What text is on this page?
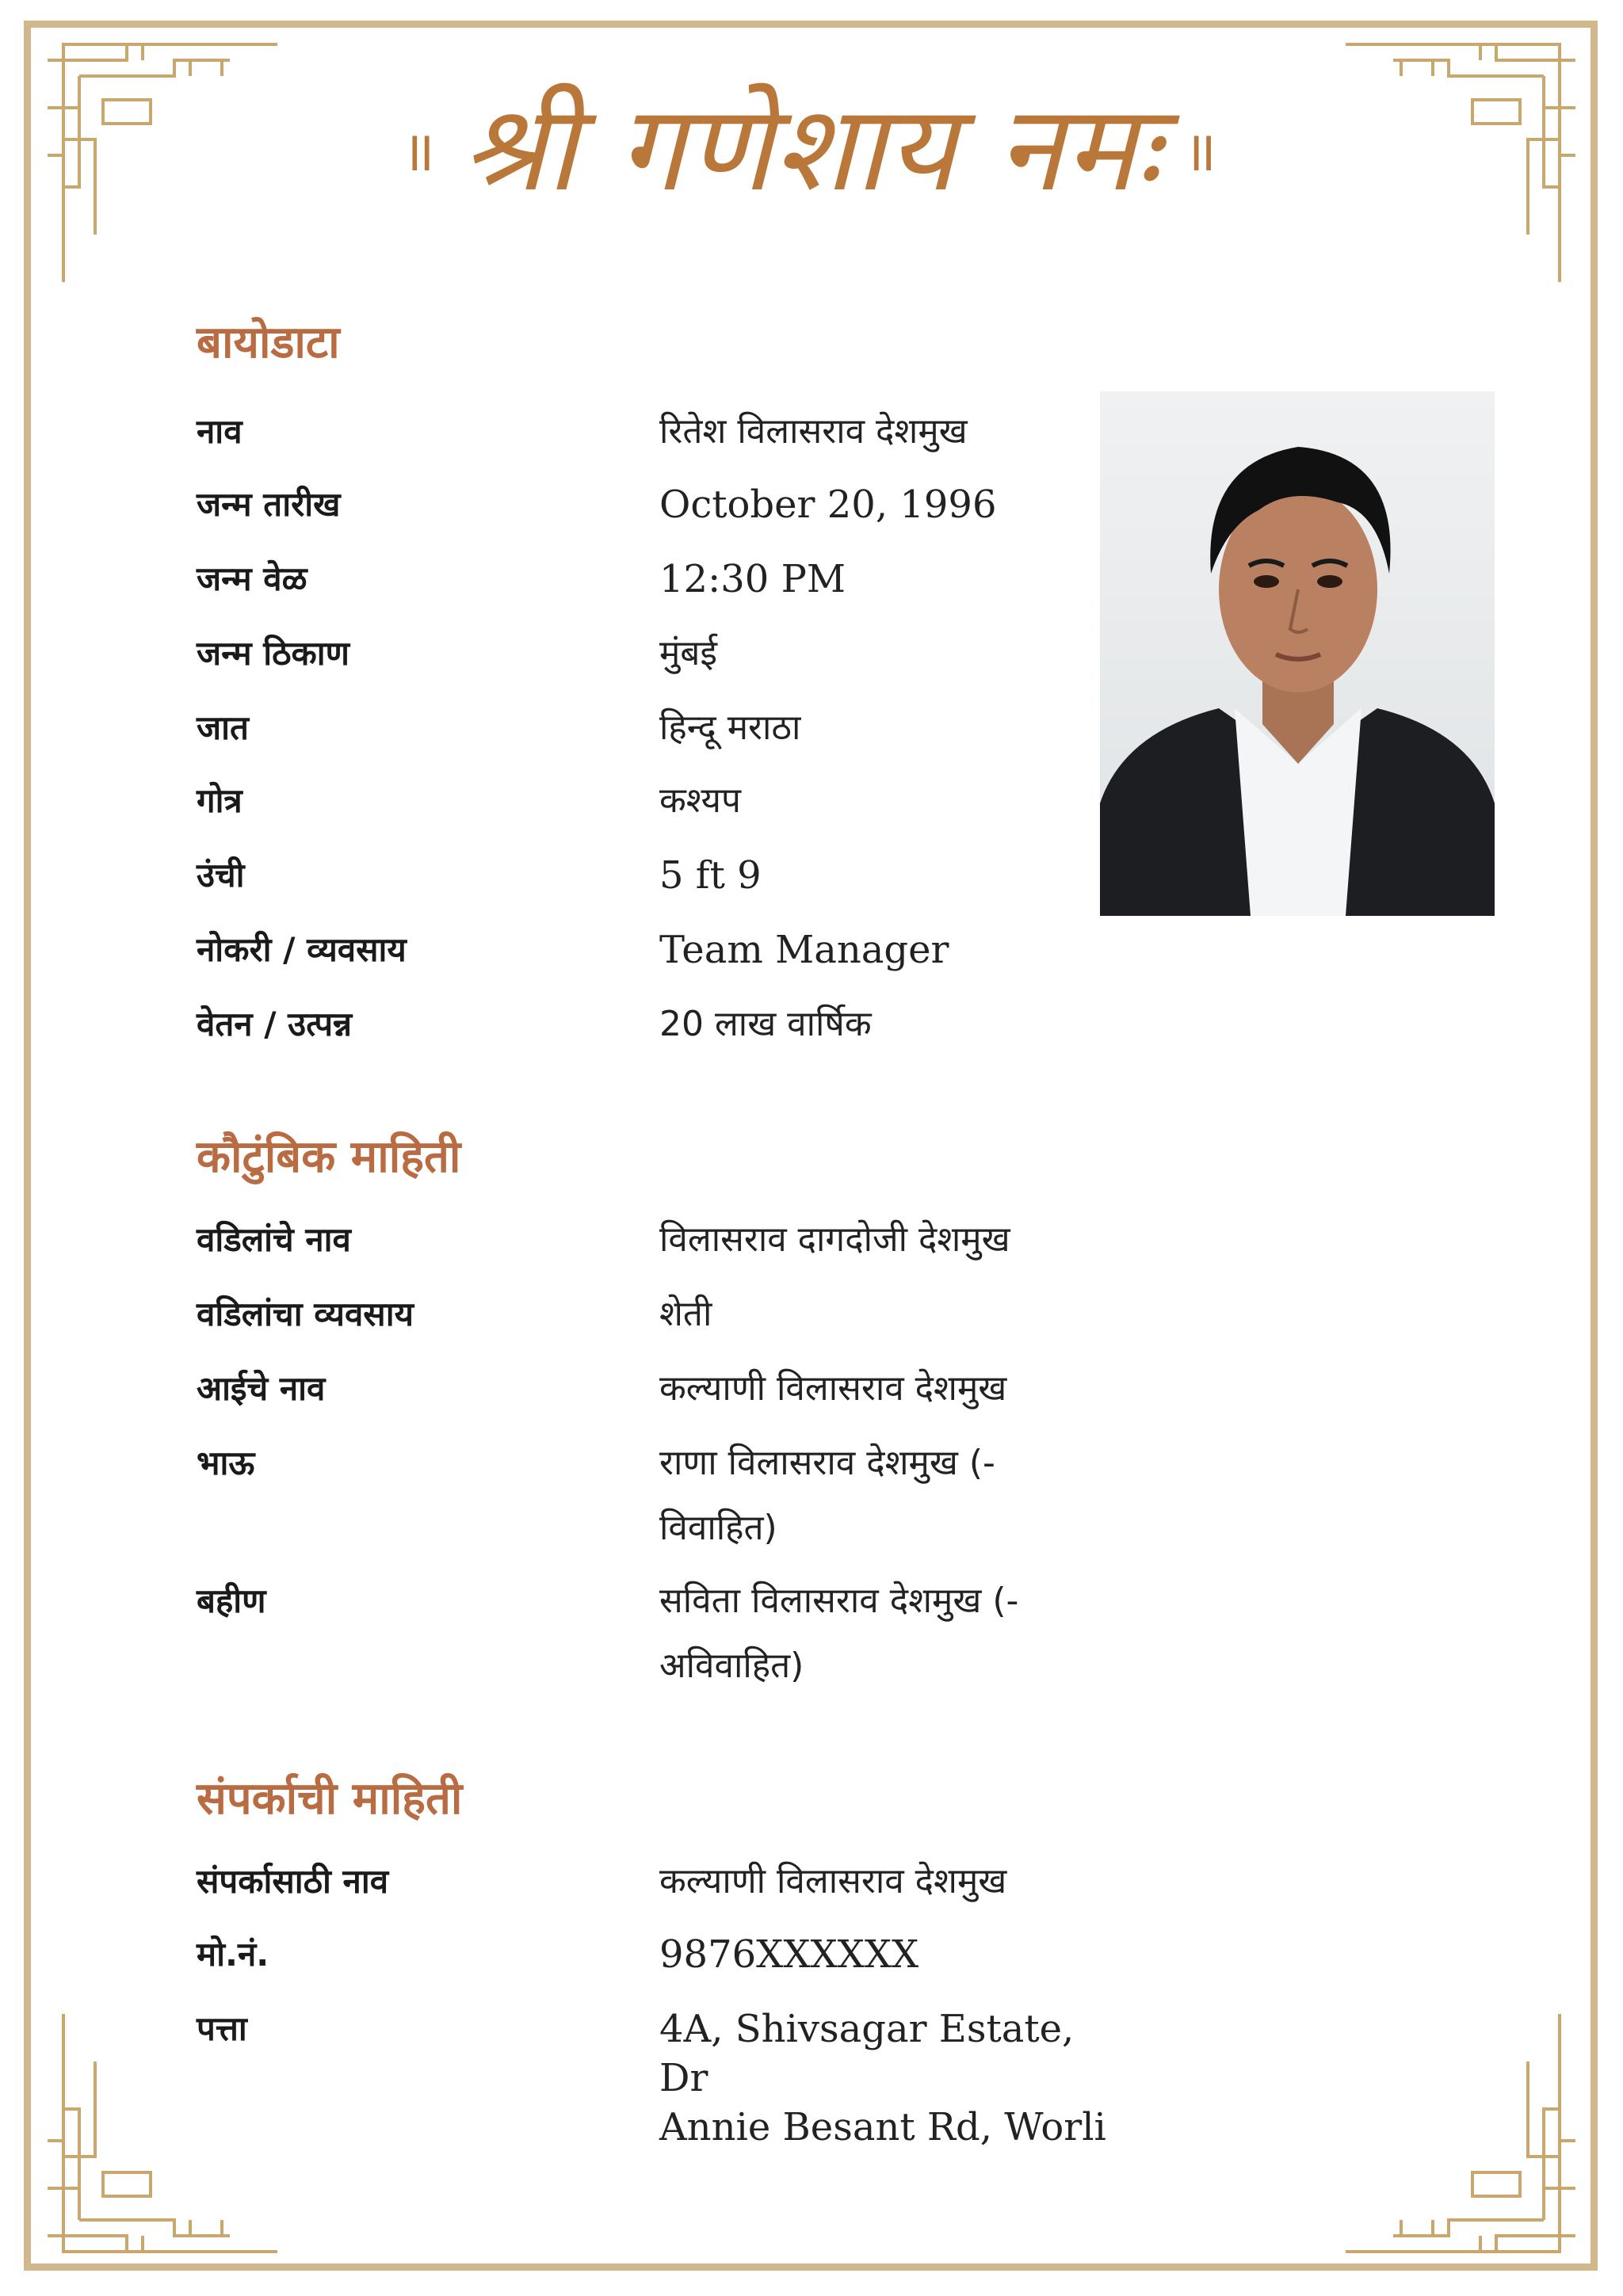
॥ श्री गणेशाय नमः ॥
बायोडाटा
नाव	रितेश विलासराव देशमुख
जन्म तारीख	October 20, 1996
जन्म वेळ	12:30 PM
जन्म ठिकाण	मुंबई
जात	हिन्दू मराठा
गोत्र	कश्यप
उंची	5 ft 9
नोकरी / व्यवसाय	Team Manager
वेतन / उत्पन्न	20 लाख वार्षिक
कौटुंबिक माहिती
वडिलांचे नाव	विलासराव दागदोजी देशमुख
वडिलांचा व्यवसाय	शेती
आईचे नाव	कल्याणी विलासराव देशमुख
भाऊ	राणा विलासराव देशमुख (-
विवाहित)
बहीण	सविता विलासराव देशमुख (-
अविवाहित)
संपर्काची माहिती
संपर्कासाठी नाव	कल्याणी विलासराव देशमुख
मो.नं.	9876XXXXXX
पत्ता	4A, Shivsagar Estate, Dr
Annie Besant Rd, Worli
